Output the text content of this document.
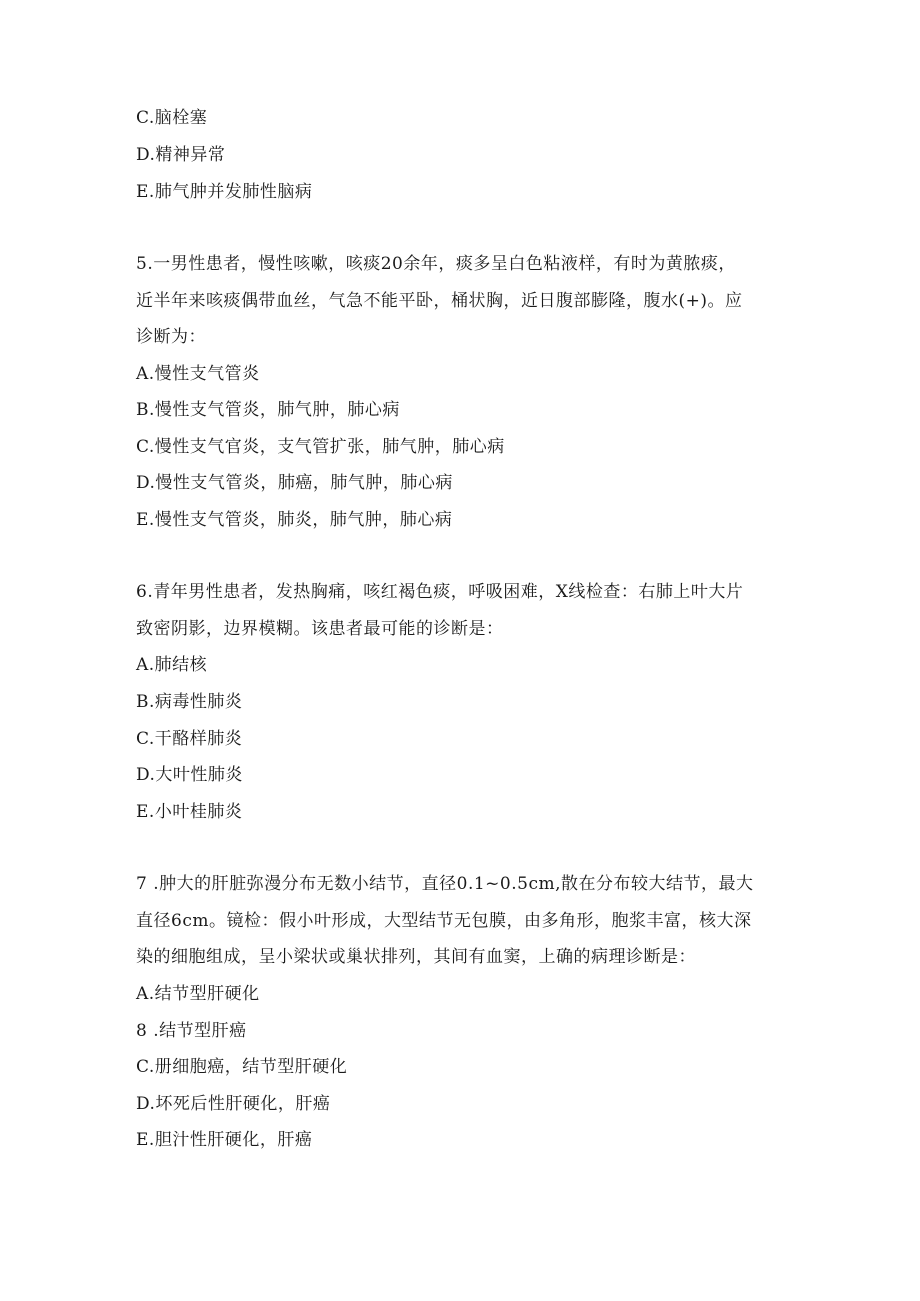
C.脑栓塞
D.精神异常
E.肺气肿并发肺性脑病
5.一男性患者，慢性咳嗽，咳痰20余年，痰多呈白色粘液样，有时为黄脓痰，
近半年来咳痰偶带血丝，气急不能平卧，桶状胸，近日腹部膨隆，腹水(+)。应
诊断为：
A.慢性支气管炎
B.慢性支气管炎，肺气肿，肺心病
C.慢性支气官炎，支气管扩张，肺气肿，肺心病
D.慢性支气管炎，肺癌，肺气肿，肺心病
E.慢性支气管炎，肺炎，肺气肿，肺心病
6.青年男性患者，发热胸痛，咳红褐色痰，呼吸困难，X线检查：右肺上叶大片
致密阴影，边界模糊。该患者最可能的诊断是：
A.肺结核
B.病毒性肺炎
C.干酪样肺炎
D.大叶性肺炎
E.小叶桂肺炎
7 .肿大的肝脏弥漫分布无数小结节，直径0.1~0.5cm,散在分布较大结节，最大
直径6cm。镜检：假小叶形成，大型结节无包膜，由多角形，胞浆丰富，核大深
染的细胞组成，呈小梁状或巢状排列，其间有血窦，上确的病理诊断是：
A.结节型肝硬化
8 .结节型肝癌
C.册细胞癌，结节型肝硬化
D.坏死后性肝硬化，肝癌
E.胆汁性肝硬化，肝癌
